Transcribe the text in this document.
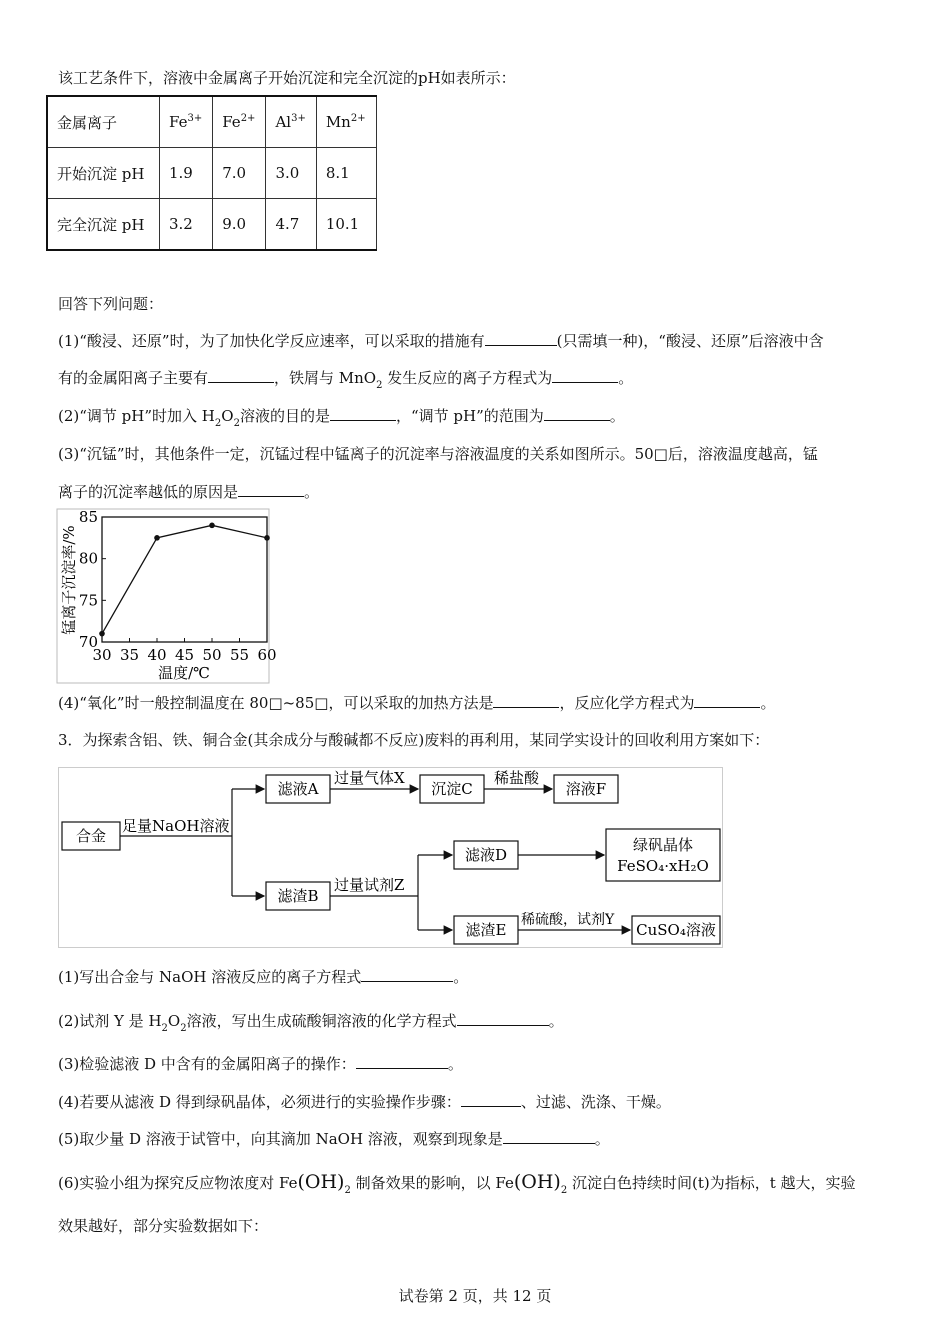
该工艺条件下，溶液中金属离子开始沉淀和完全沉淀的pH如表所示：
金属离子	$Fe^{3+}$	$Fe^{2+}$	$Al^{3+}$	$Mn^{2+}$
开始沉淀 pH	1.9	7.0	3.0	8.1
完全沉淀 pH	3.2	9.0	4.7	10.1
回答下列问题：
(1)“酸浸、还原”时，为了加快化学反应速率，可以采取的措施有	(只需填一种)，“酸浸、还原”后溶液中含
有的金属阳离子主要有	，铁屑与 MnO$_2$ 发生反应的离子方程式为	。
(2)“调节 pH”时加入 $H_2O_2$溶液的目的是	，“调节 pH”的范围为	。
(3)“沉锰”时，其他条件一定，沉锰过程中锰离子的沉淀率与溶液温度的关系如图所示。50□后，溶液温度越高，锰
离子的沉淀率越低的原因是	。
30 35 40 45 50 55 60
70
75
80
85
锰离子沉淀率/%
温度/℃
(4)“氧化”时一般控制温度在 80□~85□，可以采取的加热方法是	，反应化学方程式为	。
3．为探索含铝、铁、铜合金(其余成分与酸碱都不反应)废料的再利用，某同学实设计的回收利用方案如下：
合金
滤液A	沉淀C	溶液F
滤渣B
滤液D
绿矾晶体
FeSO₄·xH₂O
滤渣E	CuSO₄溶液
足量NaOH溶液
过量气体X	稀盐酸
过量试剂Z
稀硫酸，试剂Y
(1)写出合金与 NaOH 溶液反应的离子方程式	。
(2)试剂 Y 是 $H_2O_2$溶液，写出生成硫酸铜溶液的化学方程式	。
(3)检验滤液 D 中含有的金属阳离子的操作：	。
(4)若要从滤液 D 得到绿矾晶体，必须进行的实验操作步骤：	、过滤、洗涤、干燥。
(5)取少量 D 溶液于试管中，向其滴加 NaOH 溶液，观察到现象是	。
(6)实验小组为探究反应物浓度对 $Fe(OH)_2$ 制备效果的影响，以 $Fe(OH)_2$ 沉淀白色持续时间(t)为指标，t 越大，实验
效果越好，部分实验数据如下：
试卷第 2 页，共 12 页
